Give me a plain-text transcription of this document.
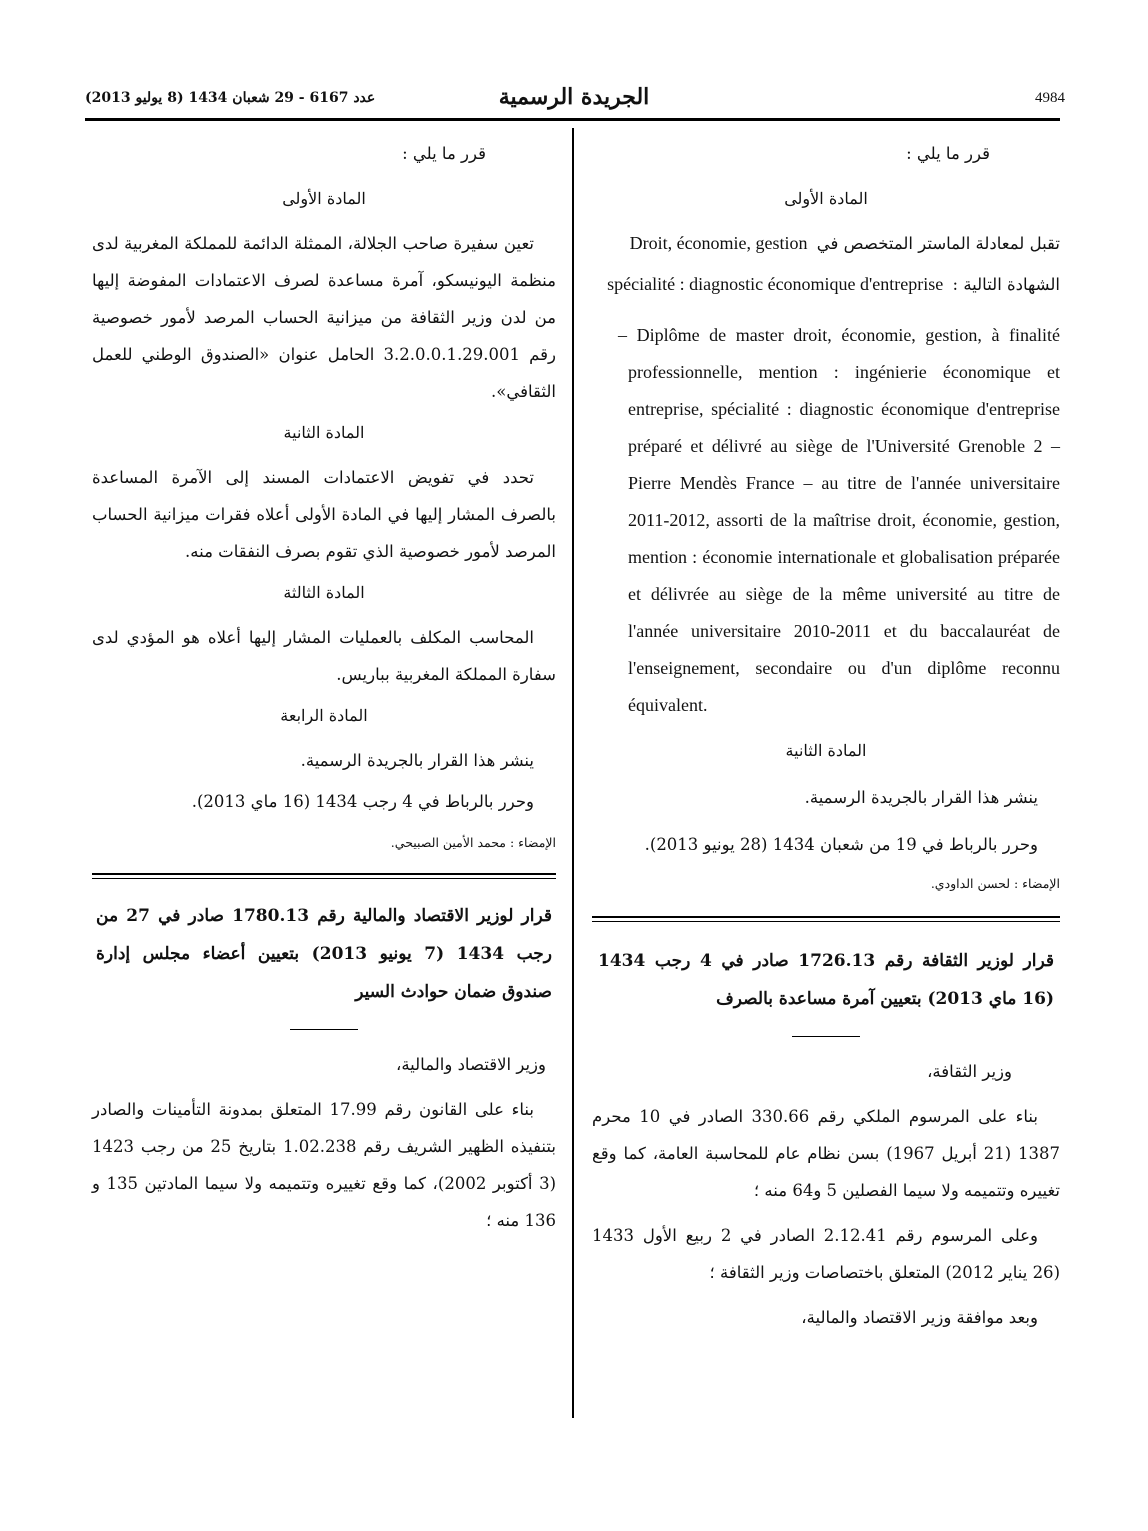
4984
الجريدة الرسمية
عدد 6167 - 29 شعبان 1434 (8 يوليو 2013)

قرر ما يلي :

المادة الأولى

تقبل لمعادلة الماستر المتخصص في Droit, économie, gestion

الشهادة التالية : spécialité : diagnostic économique d'entreprise

– Diplôme de master droit, économie, gestion, à finalité professionnelle, mention : ingénierie économique et entreprise, spécialité : diagnostic économique d'entreprise préparé et délivré au siège de l'Université Grenoble 2 – Pierre Mendès France – au titre de l'année universitaire 2011-2012, assorti de la maîtrise droit, économie, gestion, mention : économie internationale et globalisation préparée et délivrée au siège de la même université au titre de l'année universitaire 2010-2011 et du baccalauréat de l'enseignement, secondaire ou d'un diplôme reconnu équivalent.

المادة الثانية

ينشر هذا القرار بالجريدة الرسمية.

وحرر بالرباط في 19 من شعبان 1434 (28 يونيو 2013).

الإمضاء : لحسن الداودي.

قرار لوزير الثقافة رقم 1726.13 صادر في 4 رجب 1434 (16 ماي 2013) بتعيين آمرة مساعدة بالصرف

وزير الثقافة،

بناء على المرسوم الملكي رقم 330.66 الصادر في 10 محرم 1387 (21 أبريل 1967) بسن نظام عام للمحاسبة العامة، كما وقع تغييره وتتميمه ولا سيما الفصلين 5 و64 منه ؛

وعلى المرسوم رقم 2.12.41 الصادر في 2 ربيع الأول 1433 (26 يناير 2012) المتعلق باختصاصات وزير الثقافة ؛

وبعد موافقة وزير الاقتصاد والمالية،

قرر ما يلي :

المادة الأولى

تعين سفيرة صاحب الجلالة، الممثلة الدائمة للمملكة المغربية لدى منظمة اليونيسكو، آمرة مساعدة لصرف الاعتمادات المفوضة إليها من لدن وزير الثقافة من ميزانية الحساب المرصد لأمور خصوصية رقم 3.2.0.0.1.29.001 الحامل عنوان «الصندوق الوطني للعمل الثقافي».

المادة الثانية

تحدد في تفويض الاعتمادات المسند إلى الآمرة المساعدة بالصرف المشار إليها في المادة الأولى أعلاه فقرات ميزانية الحساب المرصد لأمور خصوصية الذي تقوم بصرف النفقات منه.

المادة الثالثة

المحاسب المكلف بالعمليات المشار إليها أعلاه هو المؤدي لدى سفارة المملكة المغربية بباريس.

المادة الرابعة

ينشر هذا القرار بالجريدة الرسمية.

وحرر بالرباط في 4 رجب 1434 (16 ماي 2013).

الإمضاء : محمد الأمين الصبيحي.

قرار لوزير الاقتصاد والمالية رقم 1780.13 صادر في 27 من رجب 1434 (7 يونيو 2013) بتعيين أعضاء مجلس إدارة صندوق ضمان حوادث السير

وزير الاقتصاد والمالية،

بناء على القانون رقم 17.99 المتعلق بمدونة التأمينات والصادر بتنفيذه الظهير الشريف رقم 1.02.238 بتاريخ 25 من رجب 1423 (3 أكتوبر 2002)، كما وقع تغييره وتتميمه ولا سيما المادتين 135 و 136 منه ؛
